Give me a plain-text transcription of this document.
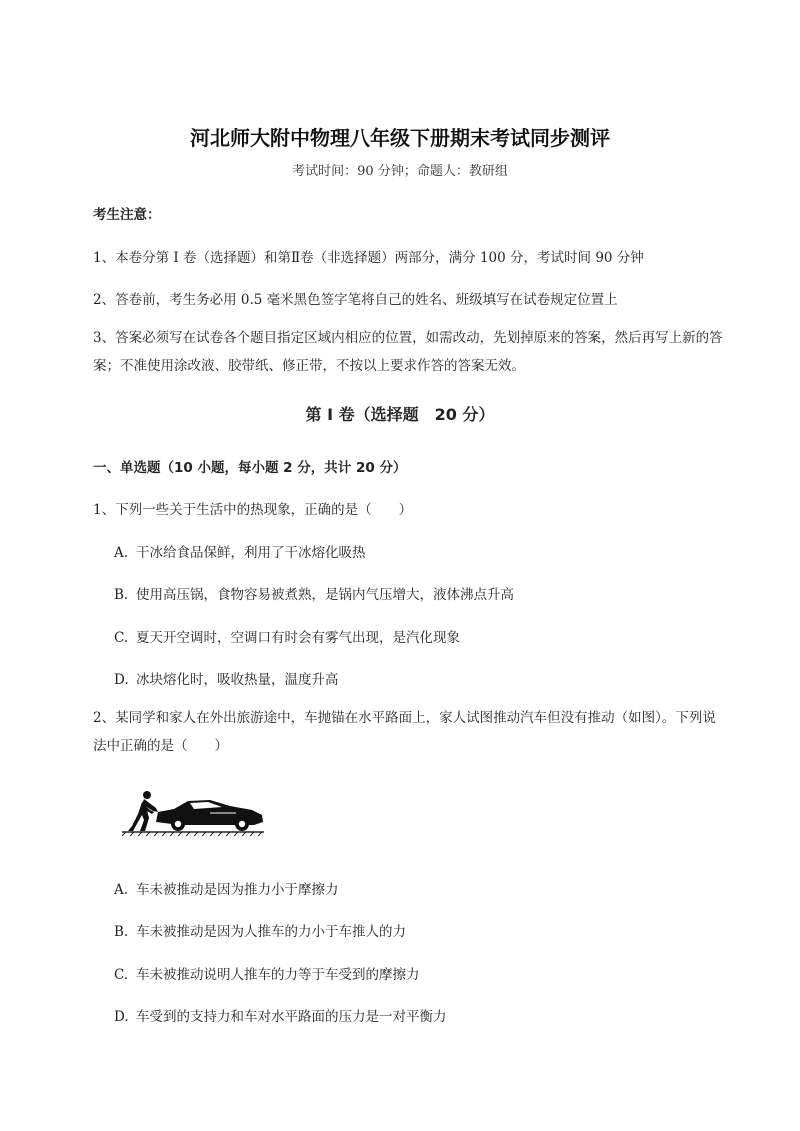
河北师大附中物理八年级下册期末考试同步测评
考试时间：90 分钟；命题人：教研组
考生注意：
1、本卷分第 I 卷（选择题）和第Ⅱ卷（非选择题）两部分，满分 100 分，考试时间 90 分钟
2、答卷前，考生务必用 0.5 毫米黑色签字笔将自己的姓名、班级填写在试卷规定位置上
3、答案必须写在试卷各个题目指定区域内相应的位置，如需改动，先划掉原来的答案，然后再写上新的答案；不准使用涂改液、胶带纸、修正带，不按以上要求作答的答案无效。
第 I 卷（选择题　20 分）
一、单选题（10 小题，每小题 2 分，共计 20 分）
1、下列一些关于生活中的热现象，正确的是（　　）
A. 干冰给食品保鲜，利用了干冰熔化吸热
B. 使用高压锅，食物容易被煮熟，是锅内气压增大，液体沸点升高
C. 夏天开空调时，空调口有时会有雾气出现，是汽化现象
D. 冰块熔化时，吸收热量，温度升高
2、某同学和家人在外出旅游途中，车抛锚在水平路面上，家人试图推动汽车但没有推动（如图）。下列说法中正确的是（　　）
A. 车未被推动是因为推力小于摩擦力
B. 车未被推动是因为人推车的力小于车推人的力
C. 车未被推动说明人推车的力等于车受到的摩擦力
D. 车受到的支持力和车对水平路面的压力是一对平衡力
